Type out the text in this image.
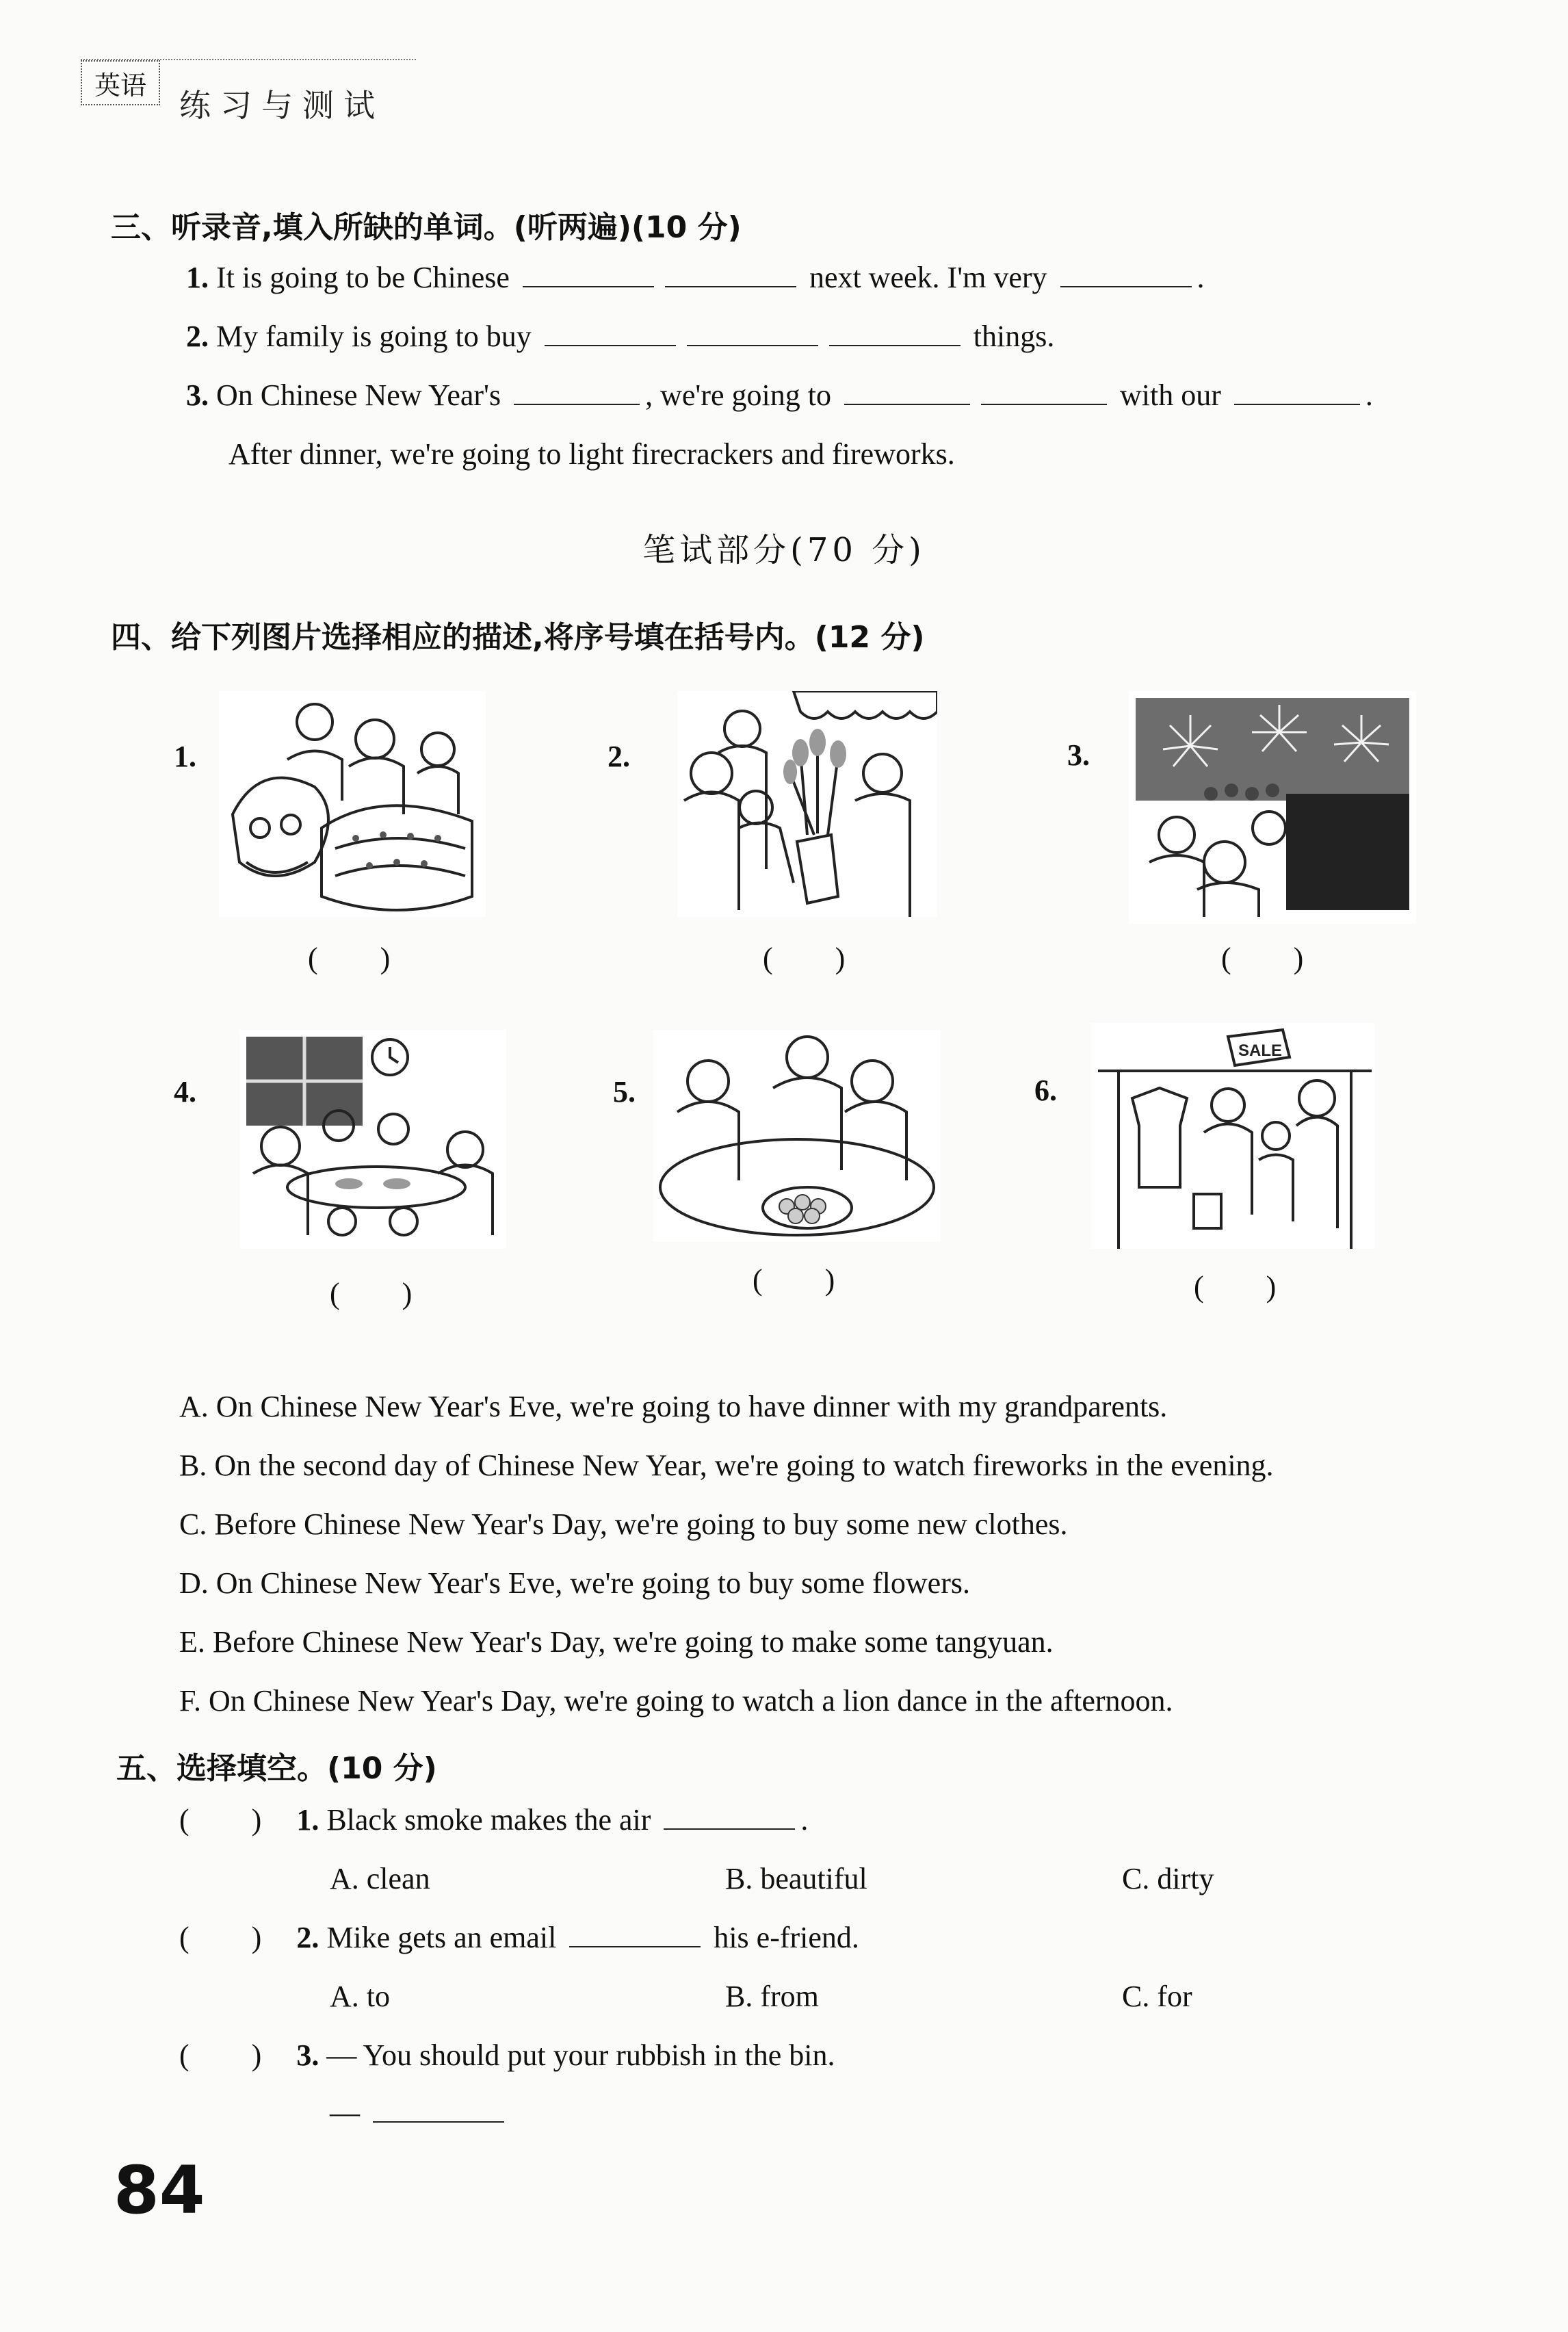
英语
练习与测试
三、听录音,填入所缺的单词。(听两遍)(10 分)
1. It is going to be Chinese	next week. I'm very	.
2. My family is going to buy	things.
3. On Chinese New Year's	, we're going to	with our	.
After dinner, we're going to light firecrackers and fireworks.
笔试部分(70 分)
四、给下列图片选择相应的描述,将序号填在括号内。(12 分)
1.
( )
2.
( )
3.
( )
4.
( )
5.
( )
6.
SALE
( )
A. On Chinese New Year's Eve, we're going to have dinner with my grandparents.
B. On the second day of Chinese New Year, we're going to watch fireworks in the evening.
C. Before Chinese New Year's Day, we're going to buy some new clothes.
D. On Chinese New Year's Eve, we're going to buy some flowers.
E. Before Chinese New Year's Day, we're going to make some tangyuan.
F. On Chinese New Year's Day, we're going to watch a lion dance in the afternoon.
五、选择填空。(10 分)
( ) 1. Black smoke makes the air	.
A. clean	B. beautiful	C. dirty
( ) 2. Mike gets an email	his e-friend.
A. to	B. from	C. for
( ) 3. — You should put your rubbish in the bin.
—
84
